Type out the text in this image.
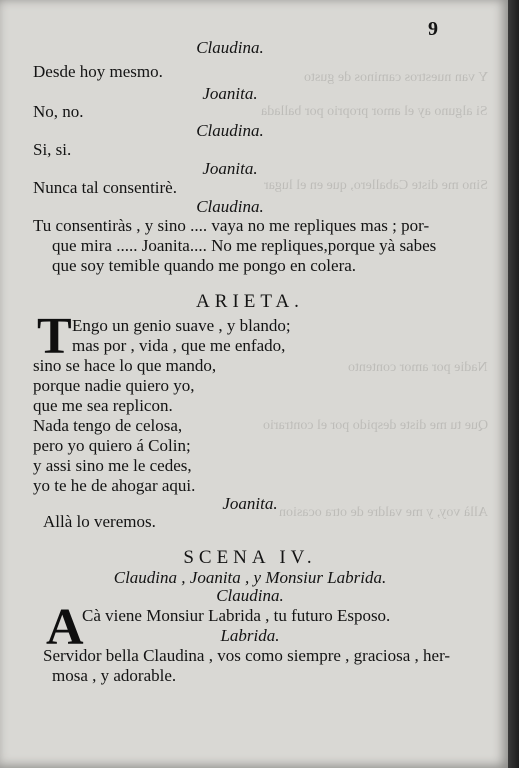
Y van nuestros caminos de gusto
Si alguno ay el amor proprio por ballada
Sino me diste Caballero, que en el lugar
Nadie por amor contento
Que tu me diste despido por el contrario
Allà voy, y me valdre de otra ocasion
9
Claudina.
Desde hoy mesmo.
Joanita.
No, no.
Claudina.
Si, si.
Joanita.
Nunca tal consentirè.
Claudina.
Tu consentiràs , y sino .... vaya no me repliques mas ; por-
que mira ..... Joanita.... No me repliques,porque yà sabes
que soy temible quando me pongo en colera.
ARIETA.
T Engo un genio suave , y blando;
mas por , vida , que me enfado,
sino se hace lo que mando,
porque nadie quiero yo,
que me sea replicon.
Nada tengo de celosa,
pero yo quiero á Colin;
y assi sino me le cedes,
yo te he de ahogar aqui.
Joanita.
Allà lo veremos.
SCENA IV.
Claudina , Joanita , y Monsiur Labrida.
Claudina.
A
Cà viene Monsiur Labrida , tu futuro Esposo.
Labrida.
Servidor bella Claudina , vos como siempre , graciosa , her-
mosa , y adorable.
